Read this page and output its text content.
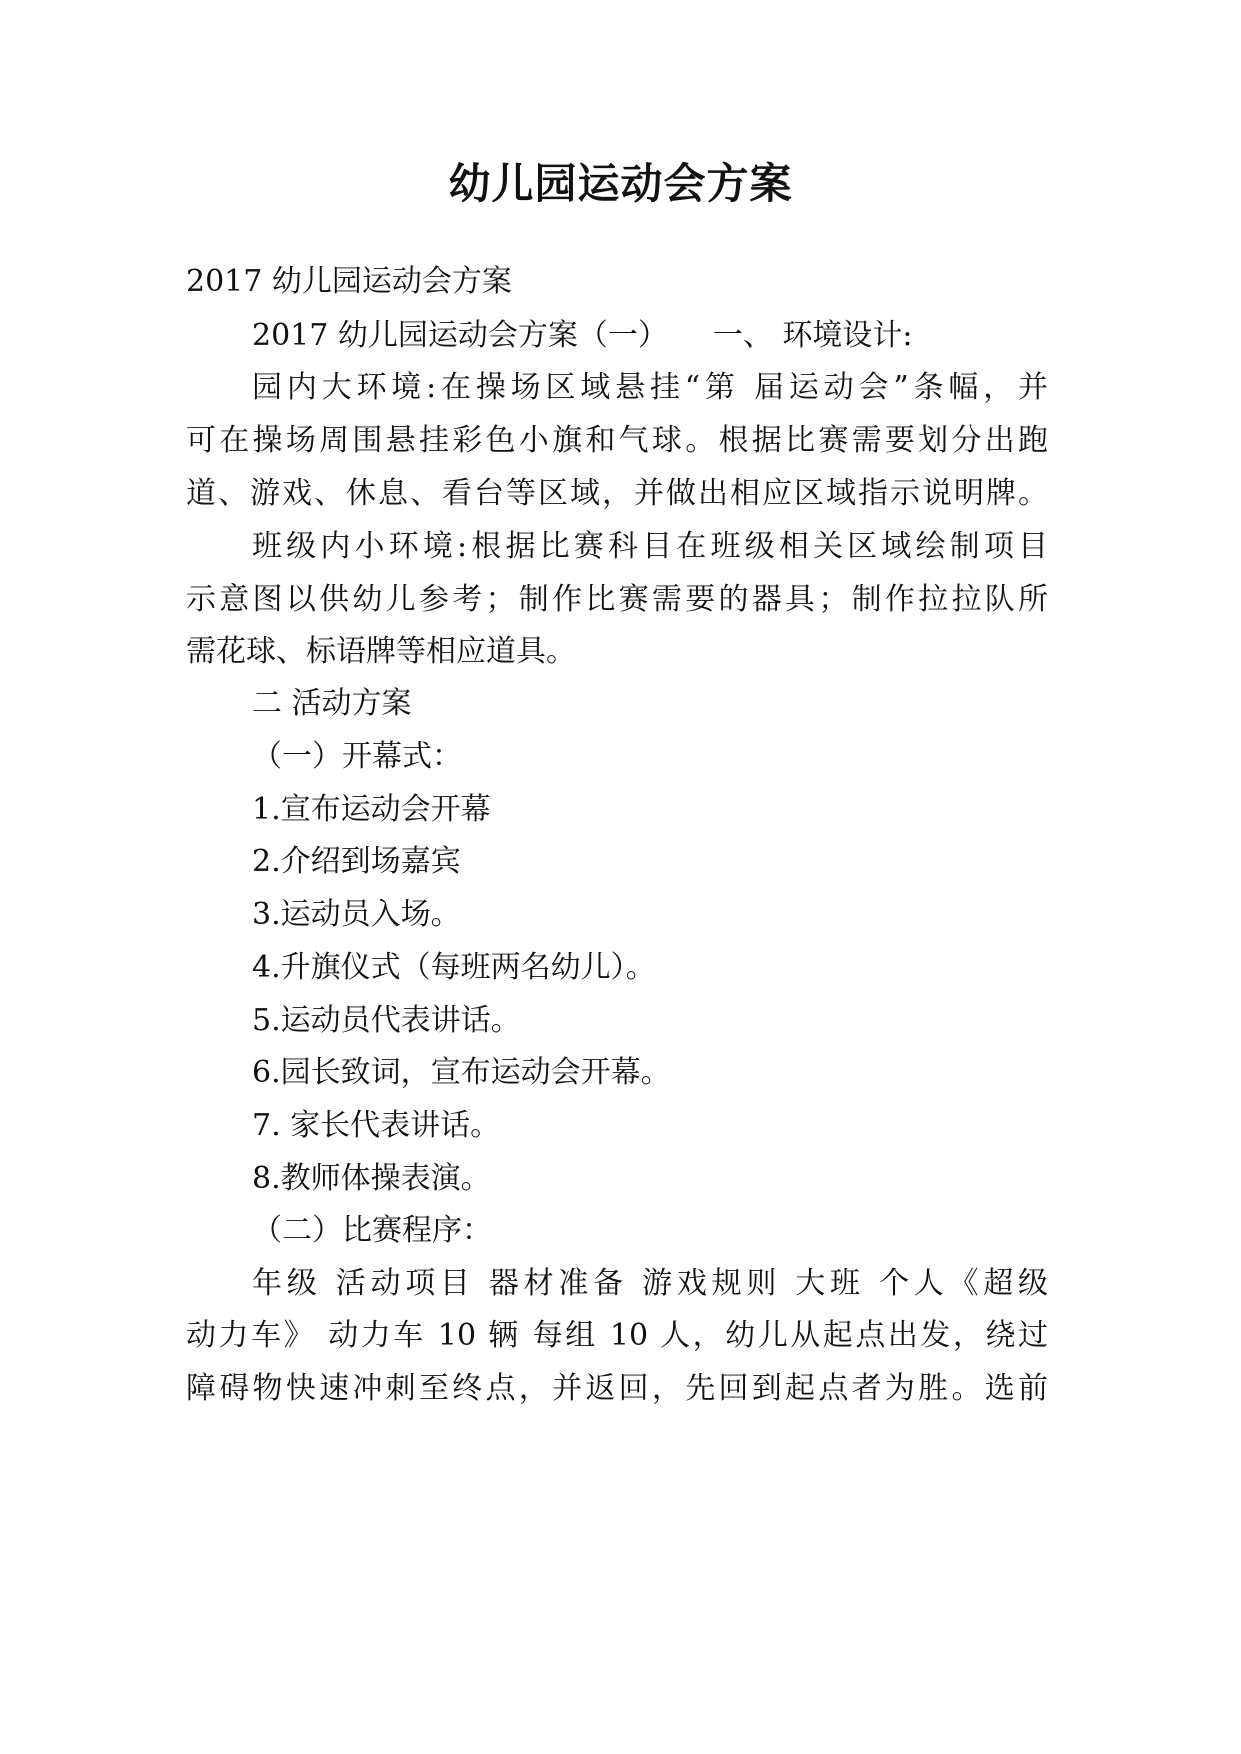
幼儿园运动会方案

2017 幼儿园运动会方案

2017 幼儿园运动会方案（一）　　一、 环境设计:

园内大环境:在操场区域悬挂“第 届运动会”条幅，并

可在操场周围悬挂彩色小旗和气球。根据比赛需要划分出跑

道、游戏、休息、看台等区域，并做出相应区域指示说明牌。

班级内小环境:根据比赛科目在班级相关区域绘制项目

示意图以供幼儿参考；制作比赛需要的器具；制作拉拉队所

需花球、标语牌等相应道具。

二 活动方案

（一）开幕式：

1.宣布运动会开幕

2.介绍到场嘉宾

3.运动员入场。

4.升旗仪式（每班两名幼儿）。

5.运动员代表讲话。

6.园长致词，宣布运动会开幕。

7. 家长代表讲话。

8.教师体操表演。

（二）比赛程序：

年级 活动项目 器材准备 游戏规则 大班 个人《超级

动力车》 动力车 10 辆 每组 10 人，幼儿从起点出发，绕过

障碍物快速冲刺至终点，并返回，先回到起点者为胜。选前
